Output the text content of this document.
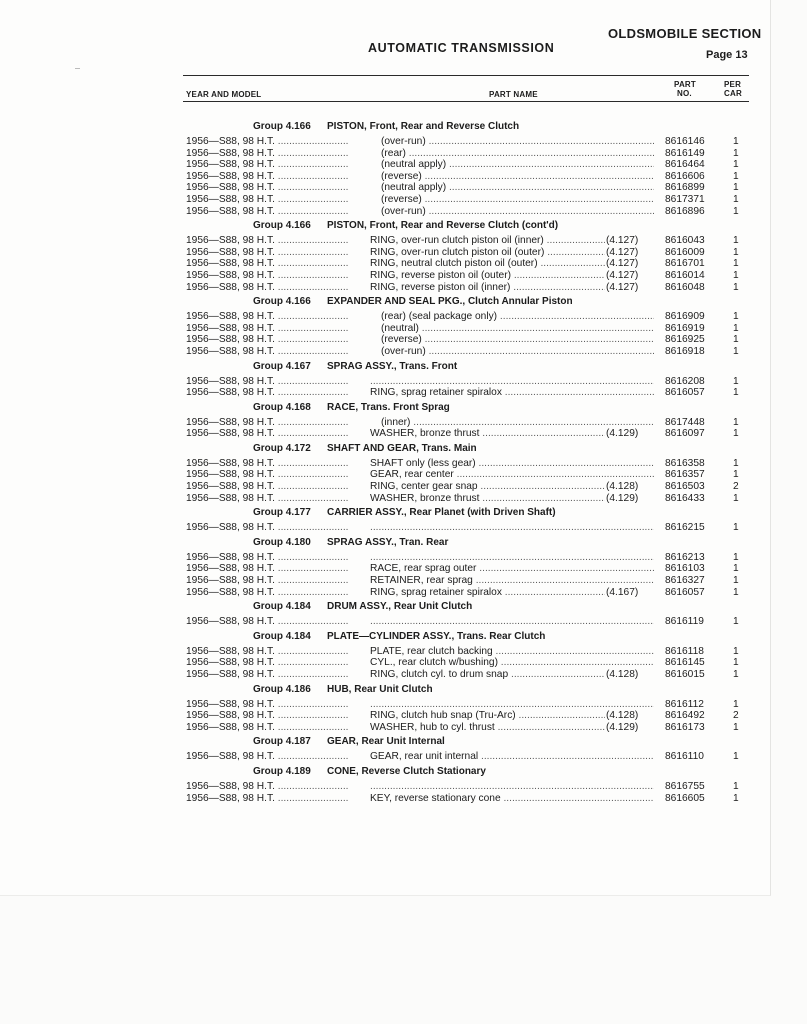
OLDSMOBILE SECTION
AUTOMATIC TRANSMISSION	Page 13
YEAR AND MODEL	PART NAME
PART
NO.
PER
CAR
Group 4.166 PISTON, Front, Rear and Reverse Clutch
1956—S88, 98 H.T. .....	(over-run) .....	8616146	1
1956—S88, 98 H.T. .....	(rear) .....	8616149	1
1956—S88, 98 H.T. .....	(neutral apply) .....	8616464	1
1956—S88, 98 H.T. .....	(reverse) .....	8616606	1
1956—S88, 98 H.T. .....	(neutral apply) .....	8616899	1
1956—S88, 98 H.T. .....	(reverse) .....	8617371	1
1956—S88, 98 H.T. .....	(over-run) .....	8616896	1
Group 4.166 PISTON, Front, Rear and Reverse Clutch (cont'd)
1956—S88, 98 H.T. .....	RING, over-run clutch piston oil (inner) .....	(4.127)	8616043	1
1956—S88, 98 H.T. .....	RING, over-run clutch piston oil (outer) .....	(4.127)	8616009	1
1956—S88, 98 H.T. .....	RING, neutral clutch piston oil (outer) .....	(4.127)	8616701	1
1956—S88, 98 H.T. .....	RING, reverse piston oil (outer) .....	(4.127)	8616014	1
1956—S88, 98 H.T. .....	RING, reverse piston oil (inner) .....	(4.127)	8616048	1
Group 4.166 EXPANDER AND SEAL PKG., Clutch Annular Piston
1956—S88, 98 H.T. .....	(rear) (seal package only) .....	8616909	1
1956—S88, 98 H.T. .....	(neutral) .....	8616919	1
1956—S88, 98 H.T. .....	(reverse) .....	8616925	1
1956—S88, 98 H.T. .....	(over-run) .....	8616918	1
Group 4.167 SPRAG ASSY., Trans. Front
1956—S88, 98 H.T. ..... .....	8616208	1
1956—S88, 98 H.T. .....	RING, sprag retainer spiralox .....	8616057	1
Group 4.168 RACE, Trans. Front Sprag
1956—S88, 98 H.T. .....	(inner) .....	8617448	1
1956—S88, 98 H.T. .....	WASHER, bronze thrust .....	(4.129)	8616097	1
Group 4.172 SHAFT AND GEAR, Trans. Main
1956—S88, 98 H.T. .....	SHAFT only (less gear) .....	8616358	1
1956—S88, 98 H.T. .....	GEAR, rear center .....	8616357	1
1956—S88, 98 H.T. .....	RING, center gear snap .....	(4.128)	8616503	2
1956—S88, 98 H.T. .....	WASHER, bronze thrust .....	(4.129)	8616433	1
Group 4.177 CARRIER ASSY., Rear Planet (with Driven Shaft)
1956—S88, 98 H.T. ..... .....	8616215	1
Group 4.180 SPRAG ASSY., Tran. Rear
1956—S88, 98 H.T. ..... .....	8616213	1
1956—S88, 98 H.T. .....	RACE, rear sprag outer .....	8616103	1
1956—S88, 98 H.T. .....	RETAINER, rear sprag .....	8616327	1
1956—S88, 98 H.T. .....	RING, sprag retainer spiralox .....	(4.167)	8616057	1
Group 4.184 DRUM ASSY., Rear Unit Clutch
1956—S88, 98 H.T. ..... .....	8616119	1
Group 4.184 PLATE—CYLINDER ASSY., Trans. Rear Clutch
1956—S88, 98 H.T. .....	PLATE, rear clutch backing .....	8616118	1
1956—S88, 98 H.T. .....	CYL., rear clutch w/bushing) .....	8616145	1
1956—S88, 98 H.T. .....	RING, clutch cyl. to drum snap .....	(4.128)	8616015	1
Group 4.186 HUB, Rear Unit Clutch
1956—S88, 98 H.T. ..... .....	8616112	1
1956—S88, 98 H.T. .....	RING, clutch hub snap (Tru-Arc) .....	(4.128)	8616492	2
1956—S88, 98 H.T. .....	WASHER, hub to cyl. thrust .....	(4.129)	8616173	1
Group 4.187 GEAR, Rear Unit Internal
1956—S88, 98 H.T. .....	GEAR, rear unit internal .....	8616110	1
Group 4.189 CONE, Reverse Clutch Stationary
1956—S88, 98 H.T. ..... .....	8616755	1
1956—S88, 98 H.T. .....	KEY, reverse stationary cone .....	8616605	1
